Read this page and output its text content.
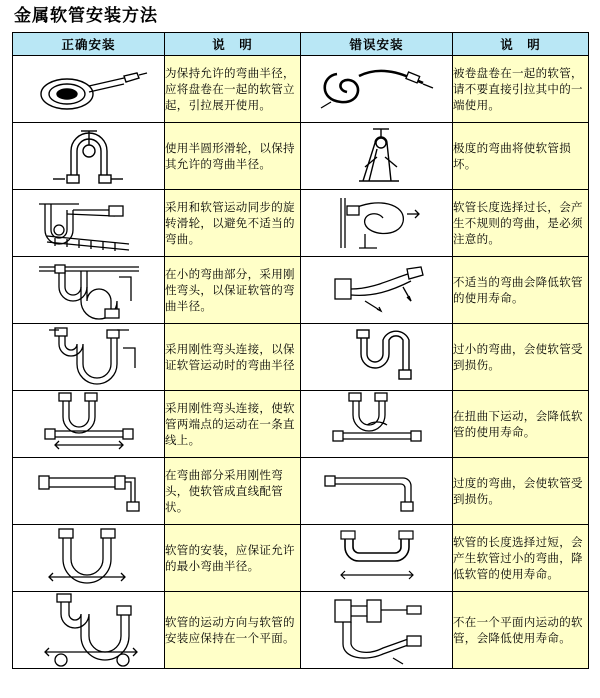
金属软管安装方法
正确安装	说　明	错误安装	说　明

	为保持允许的弯曲半径，应将盘卷在一起的软管立起，引拉展开使用。		被卷盘卷在一起的软管，请不要直接引拉其中的一端使用。

	使用半圆形滑轮，以保持其允许的弯曲半径。		极度的弯曲将使软管损坏。

	采用和软管运动同步的旋转滑轮，以避免不适当的弯曲。		软管长度选择过长，会产生不规则的弯曲，是必须注意的。

	在小的弯曲部分，采用刚性弯头，以保证软管的弯曲半径。		不适当的弯曲会降低软管的使用寿命。

	采用刚性弯头连接，以保证软管运动时的弯曲半径		过小的弯曲，会使软管受到损伤。

	采用刚性弯头连接，使软管两端点的运动在一条直线上。		在扭曲下运动，会降低软管的使用寿命。

	在弯曲部分采用刚性弯头，使软管成直线配管状。		过度的弯曲，会使软管受到损伤。

	软管的安装，应保证允许的最小弯曲半径。		软管的长度选择过短，会产生软管过小的弯曲，降低软管的使用寿命。

	软管的运动方向与软管的安装应保持在一个平面。		不在一个平面内运动的软管，会降低使用寿命。
